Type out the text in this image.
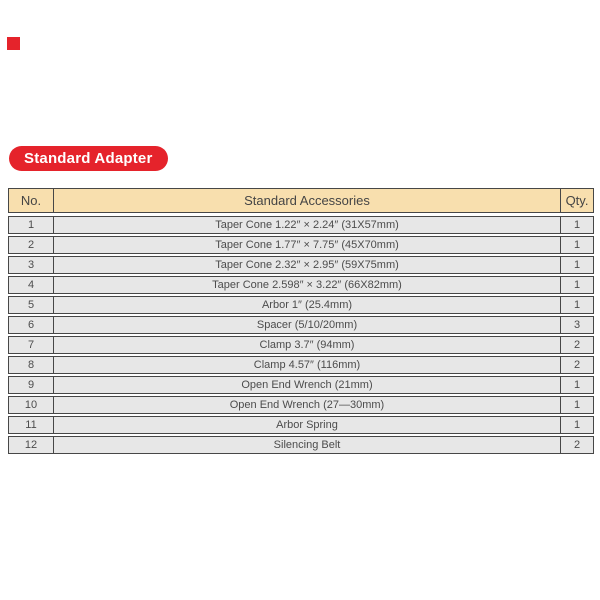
Standard Adapter
No.	Standard Accessories	Qty.
1	Taper Cone 1.22″ × 2.24″ (31X57mm)	1
2	Taper Cone 1.77″ × 7.75″ (45X70mm)	1
3	Taper Cone 2.32″ × 2.95″ (59X75mm)	1
4	Taper Cone 2.598″ × 3.22″ (66X82mm)	1
5	Arbor 1″ (25.4mm)	1
6	Spacer (5/10/20mm)	3
7	Clamp 3.7″ (94mm)	2
8	Clamp 4.57″ (116mm)	2
9	Open End Wrench (21mm)	1
10	Open End Wrench (27—30mm)	1
11	Arbor Spring	1
12	Silencing Belt	2
